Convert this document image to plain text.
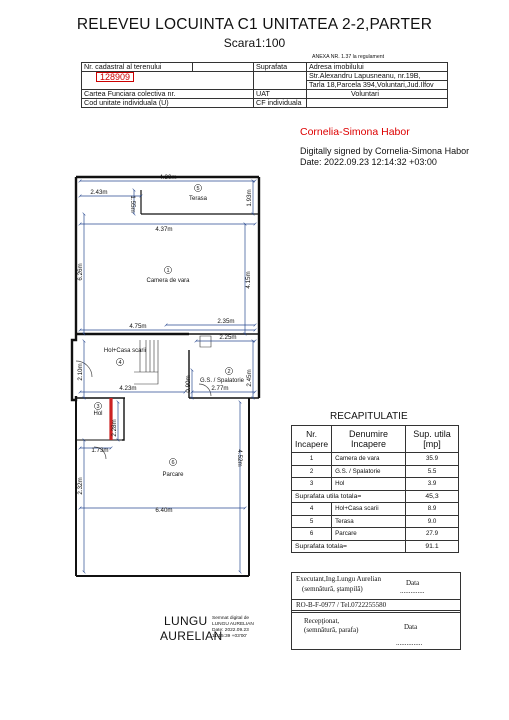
RELEVEU LOCUINTA C1 UNITATEA 2-2,PARTER
Scara1:100
ANEXA NR. 1.37 la regulament
Nr. cadastral al terenului		Suprafata	Adresa imobilului
128909			Str.Alexandru Lapusneanu, nr.19B,
			Tarla 18,Parcela 394,Voluntari,Jud.Ilfov
Cartea Funciara colectiva nr.		UAT	Voluntari
Cod unitate individuala (U)		CF individuala	
Cornelia-Simona Habor
Digitally signed by Cornelia-Simona Habor
Date: 2022.09.23 12:14:32 +03:00
4.30m
2.43m
1.55m	1.93m
4.37m
6.26m	4.15m
2.35m
4.75m
2.25m
2.10m	2.45m
0.90m
4.23m	2.77m
2.28m
1.73m	4.52m
2.32m
6.40m
5
Terasa
1
Camera de vara
Hol+Casa scarii
4
2
G.S. / Spalatorie
3
Hol
6
Parcare
RECAPITULATIE
Nr. Incapere	Denumire Incapere	Sup. utila [mp]
1	Camera de vara	35.9
2	G.S. / Spalatorie	5.5
3	Hol	3.9
Suprafata utila totala=		45,3
4	Hol+Casa scarii	8.9
5	Terasa	9.0
6	Parcare	27.9
Suprafata totala=		91.1
Executant,Ing.Lungu Aurelian
(semnătură, ştampilă)
Data
..............
RO-B-F-0977 / Tel.0722255580
Recepţionat,
(semnătură, parafa)	Data
...............
LUNGU
AURELIAN
Semnat digital de
LUNGU AURELIAN
Date: 2022.09.23
11:15:39 +03'00'
